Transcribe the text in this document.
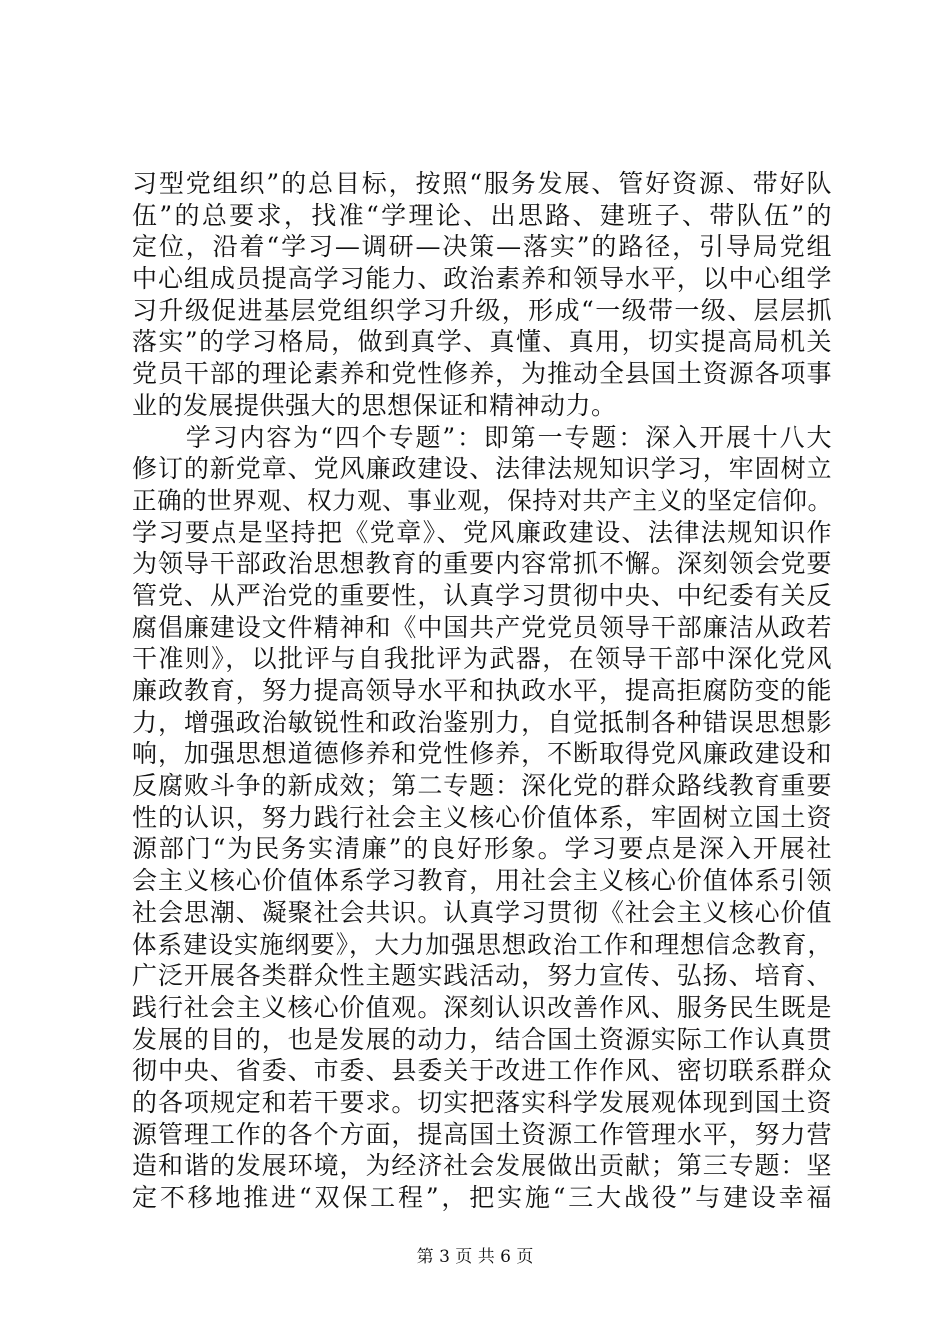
习型党组织”的总目标，按照“服务发展、管好资源、带好队
伍”的总要求，找准“学理论、出思路、建班子、带队伍”的
定位，沿着“学习—调研—决策—落实”的路径，引导局党组
中心组成员提高学习能力、政治素养和领导水平，以中心组学
习升级促进基层党组织学习升级，形成“一级带一级、层层抓
落实”的学习格局，做到真学、真懂、真用，切实提高局机关
党员干部的理论素养和党性修养，为推动全县国土资源各项事
业的发展提供强大的思想保证和精神动力。
　　学习内容为“四个专题”：即第一专题：深入开展十八大
修订的新党章、党风廉政建设、法律法规知识学习，牢固树立
正确的世界观、权力观、事业观，保持对共产主义的坚定信仰。
学习要点是坚持把《党章》、党风廉政建设、法律法规知识作
为领导干部政治思想教育的重要内容常抓不懈。深刻领会党要
管党、从严治党的重要性，认真学习贯彻中央、中纪委有关反
腐倡廉建设文件精神和《中国共产党党员领导干部廉洁从政若
干准则》，以批评与自我批评为武器，在领导干部中深化党风
廉政教育，努力提高领导水平和执政水平，提高拒腐防变的能
力，增强政治敏锐性和政治鉴别力，自觉抵制各种错误思想影
响，加强思想道德修养和党性修养，不断取得党风廉政建设和
反腐败斗争的新成效；第二专题：深化党的群众路线教育重要
性的认识，努力践行社会主义核心价值体系，牢固树立国土资
源部门“为民务实清廉”的良好形象。学习要点是深入开展社
会主义核心价值体系学习教育，用社会主义核心价值体系引领
社会思潮、凝聚社会共识。认真学习贯彻《社会主义核心价值
体系建设实施纲要》，大力加强思想政治工作和理想信念教育，
广泛开展各类群众性主题实践活动，努力宣传、弘扬、培育、
践行社会主义核心价值观。深刻认识改善作风、服务民生既是
发展的目的，也是发展的动力，结合国土资源实际工作认真贯
彻中央、省委、市委、县委关于改进工作作风、密切联系群众
的各项规定和若干要求。切实把落实科学发展观体现到国土资
源管理工作的各个方面，提高国土资源工作管理水平，努力营
造和谐的发展环境，为经济社会发展做出贡献；第三专题：坚
定不移地推进“双保工程”，把实施“三大战役”与建设幸福
第 3 页 共 6 页
